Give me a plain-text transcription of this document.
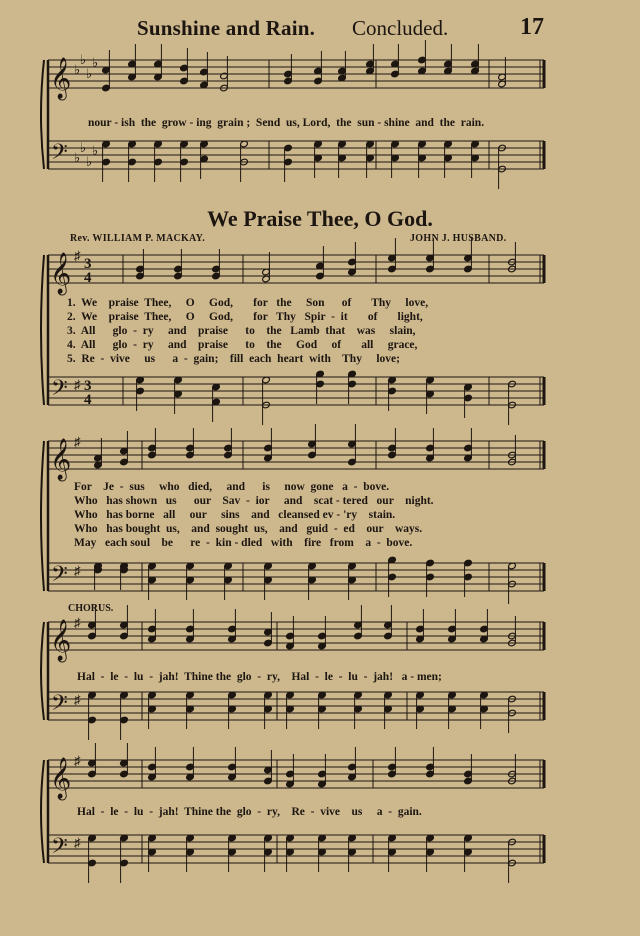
Sunshine and Rain. Concluded.	17
𝄞
𝄢
♭
♭
♭
♭
♭
♭
♭
♭
𝄞
𝄢
♯
♯
3
4
3
4
𝄞
𝄢
♯
♯
𝄞
𝄢
♯
♯
𝄞
𝄢
♯
♯
nour - ish  the  grow - ing  grain ;  Send  us, Lord,  the  sun - shine  and  the  rain.
We Praise Thee, O God.
Rev. WILLIAM P. MACKAY.	JOHN J. HUSBAND.
1.  We    praise  Thee,     O     God,       for   the     Son      of       Thy     love,
2.  We    praise  Thee,     O     God,       for   Thy   Spir  -  it       of       light,
3.  All      glo  -  ry     and    praise      to    the   Lamb  that    was     slain,
4.  All      glo  -  ry     and    praise      to    the     God     of       all     grace,
5.  Re  -  vive     us      a  -  gain;    fill  each  heart  with    Thy     love;
For    Je  -  sus     who   died,     and      is     now  gone   a  -  bove.
Who   has shown   us      our    Sav  -  ior     and    scat - tered   our    night.
Who   has borne   all     our     sins    and   cleansed ev - 'ry    stain.
Who   has bought  us,    and  sought  us,    and   guid  -  ed    our    ways.
May   each soul    be      re  -  kin - dled   with    fire   from    a  -  bove.
CHORUS.
Hal  -  le  -  lu  -  jah!  Thine the  glo  -  ry,    Hal  -  le  -  lu  -  jah!   a - men;
Hal  -  le  -  lu  -  jah!  Thine the  glo  -  ry,    Re  -  vive    us     a  -  gain.
